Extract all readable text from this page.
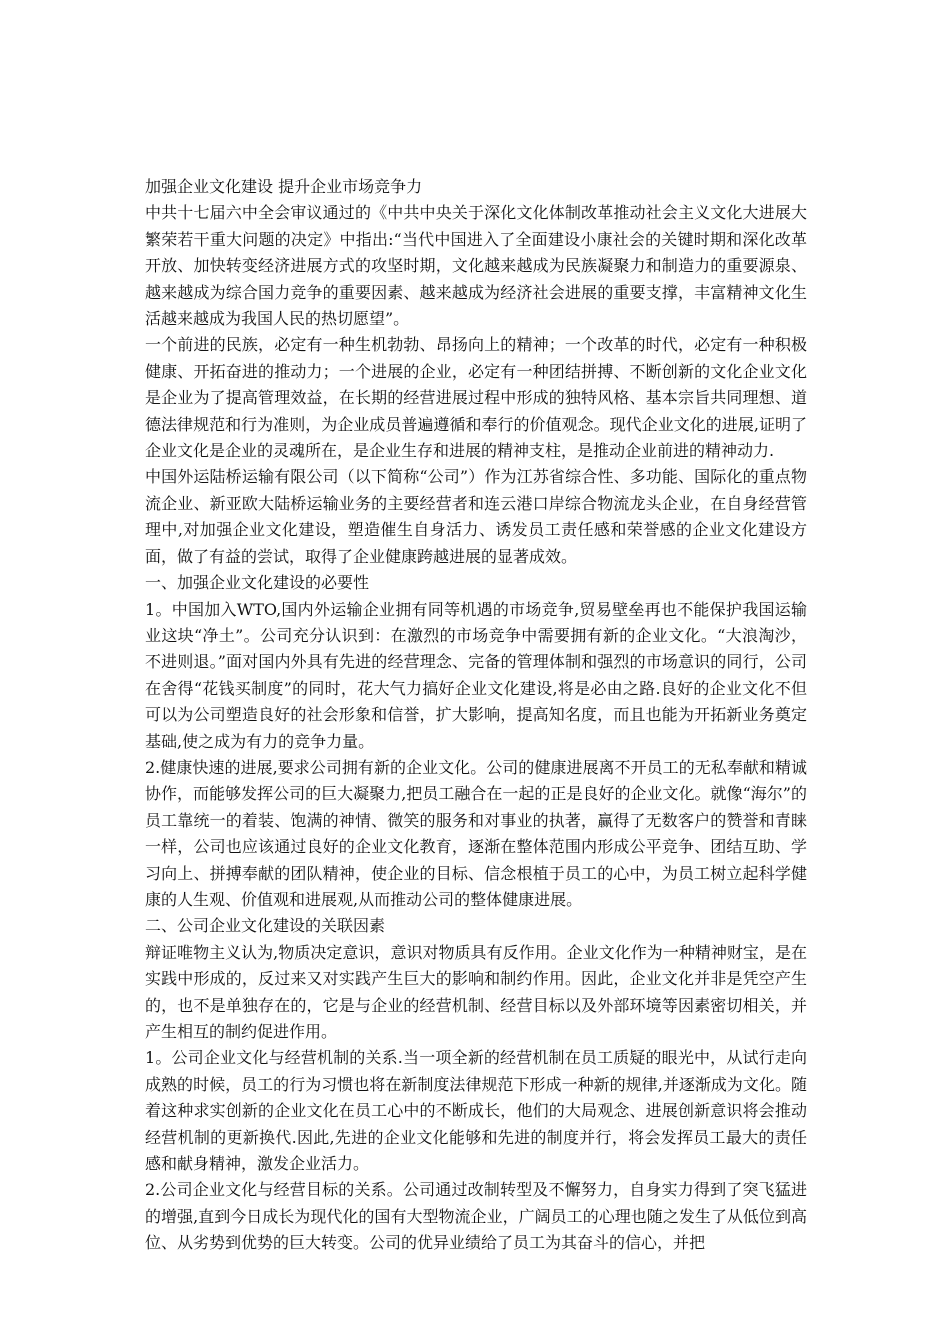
加强企业文化建设 提升企业市场竞争力

中共十七届六中全会审议通过的《中共中央关于深化文化体制改革推动社会主义文化大进展大繁荣若干重大问题的决定》中指出:“当代中国进入了全面建设小康社会的关键时期和深化改革开放、加快转变经济进展方式的攻坚时期，文化越来越成为民族凝聚力和制造力的重要源泉、越来越成为综合国力竞争的重要因素、越来越成为经济社会进展的重要支撑，丰富精神文化生活越来越成为我国人民的热切愿望”。

一个前进的民族，必定有一种生机勃勃、昂扬向上的精神；一个改革的时代，必定有一种积极健康、开拓奋进的推动力；一个进展的企业，必定有一种团结拼搏、不断创新的文化企业文化是企业为了提高管理效益，在长期的经营进展过程中形成的独特风格、基本宗旨共同理想、道德法律规范和行为准则，为企业成员普遍遵循和奉行的价值观念。现代企业文化的进展,证明了企业文化是企业的灵魂所在，是企业生存和进展的精神支柱，是推动企业前进的精神动力.

中国外运陆桥运输有限公司（以下简称“公司”）作为江苏省综合性、多功能、国际化的重点物流企业、新亚欧大陆桥运输业务的主要经营者和连云港口岸综合物流龙头企业，在自身经营管理中,对加强企业文化建设，塑造催生自身活力、诱发员工责任感和荣誉感的企业文化建设方面，做了有益的尝试，取得了企业健康跨越进展的显著成效。

一、加强企业文化建设的必要性

1。中国加入WTO,国内外运输企业拥有同等机遇的市场竞争,贸易壁垒再也不能保护我国运输业这块“净土”。公司充分认识到：在激烈的市场竞争中需要拥有新的企业文化。“大浪淘沙，不进则退。”面对国内外具有先进的经营理念、完备的管理体制和强烈的市场意识的同行，公司在舍得“花钱买制度”的同时，花大气力搞好企业文化建设,将是必由之路.良好的企业文化不但可以为公司塑造良好的社会形象和信誉，扩大影响，提高知名度，而且也能为开拓新业务奠定基础,使之成为有力的竞争力量。

2.健康快速的进展,要求公司拥有新的企业文化。公司的健康进展离不开员工的无私奉献和精诚协作，而能够发挥公司的巨大凝聚力,把员工融合在一起的正是良好的企业文化。就像“海尔”的员工靠统一的着装、饱满的神情、微笑的服务和对事业的执著，赢得了无数客户的赞誉和青睐一样，公司也应该通过良好的企业文化教育，逐渐在整体范围内形成公平竞争、团结互助、学习向上、拼搏奉献的团队精神，使企业的目标、信念根植于员工的心中，为员工树立起科学健康的人生观、价值观和进展观,从而推动公司的整体健康进展。

二、公司企业文化建设的关联因素

辩证唯物主义认为,物质决定意识，意识对物质具有反作用。企业文化作为一种精神财宝，是在实践中形成的，反过来又对实践产生巨大的影响和制约作用。因此，企业文化并非是凭空产生的，也不是单独存在的，它是与企业的经营机制、经营目标以及外部环境等因素密切相关，并产生相互的制约促进作用。

1。公司企业文化与经营机制的关系.当一项全新的经营机制在员工质疑的眼光中，从试行走向成熟的时候，员工的行为习惯也将在新制度法律规范下形成一种新的规律,并逐渐成为文化。随着这种求实创新的企业文化在员工心中的不断成长，他们的大局观念、进展创新意识将会推动经营机制的更新换代.因此,先进的企业文化能够和先进的制度并行，将会发挥员工最大的责任感和献身精神，激发企业活力。

2.公司企业文化与经营目标的关系。公司通过改制转型及不懈努力，自身实力得到了突飞猛进的增强,直到今日成长为现代化的国有大型物流企业，广阔员工的心理也随之发生了从低位到高位、从劣势到优势的巨大转变。公司的优异业绩给了员工为其奋斗的信心，并把
